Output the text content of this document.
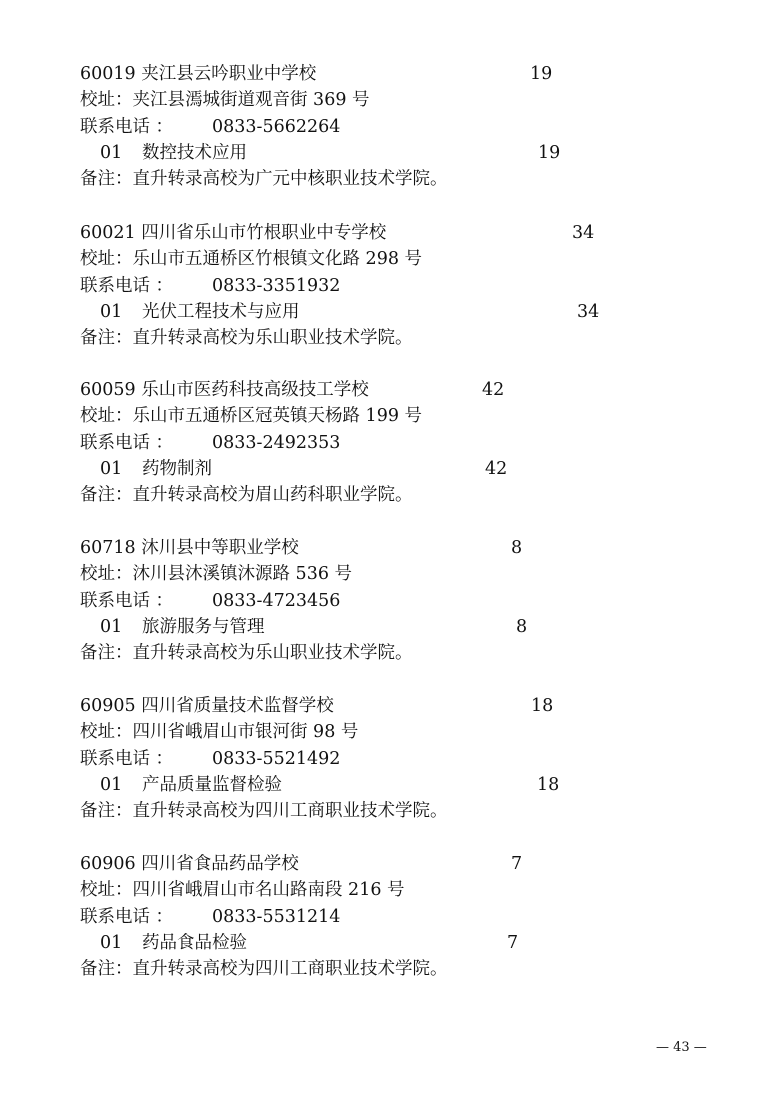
60019 夹江县云吟职业中学校	19
校址：夹江县漹城街道观音街 369 号
联系电话 ： 0833-5662264
01 数控技术应用	19
备注：直升转录高校为广元中核职业技术学院。
60021 四川省乐山市竹根职业中专学校	34
校址：乐山市五通桥区竹根镇文化路 298 号
联系电话 ： 0833-3351932
01 光伏工程技术与应用	34
备注：直升转录高校为乐山职业技术学院。
60059 乐山市医药科技高级技工学校	42
校址：乐山市五通桥区冠英镇天杨路 199 号
联系电话 ： 0833-2492353
01 药物制剂	42
备注：直升转录高校为眉山药科职业学院。
60718 沐川县中等职业学校	8
校址：沐川县沐溪镇沐源路 536 号
联系电话 ： 0833-4723456
01 旅游服务与管理	8
备注：直升转录高校为乐山职业技术学院。
60905 四川省质量技术监督学校	18
校址：四川省峨眉山市银河街 98 号
联系电话 ： 0833-5521492
01 产品质量监督检验	18
备注：直升转录高校为四川工商职业技术学院。
60906 四川省食品药品学校	7
校址：四川省峨眉山市名山路南段 216 号
联系电话 ： 0833-5531214
01 药品食品检验	7
备注：直升转录高校为四川工商职业技术学院。
— 43 —
